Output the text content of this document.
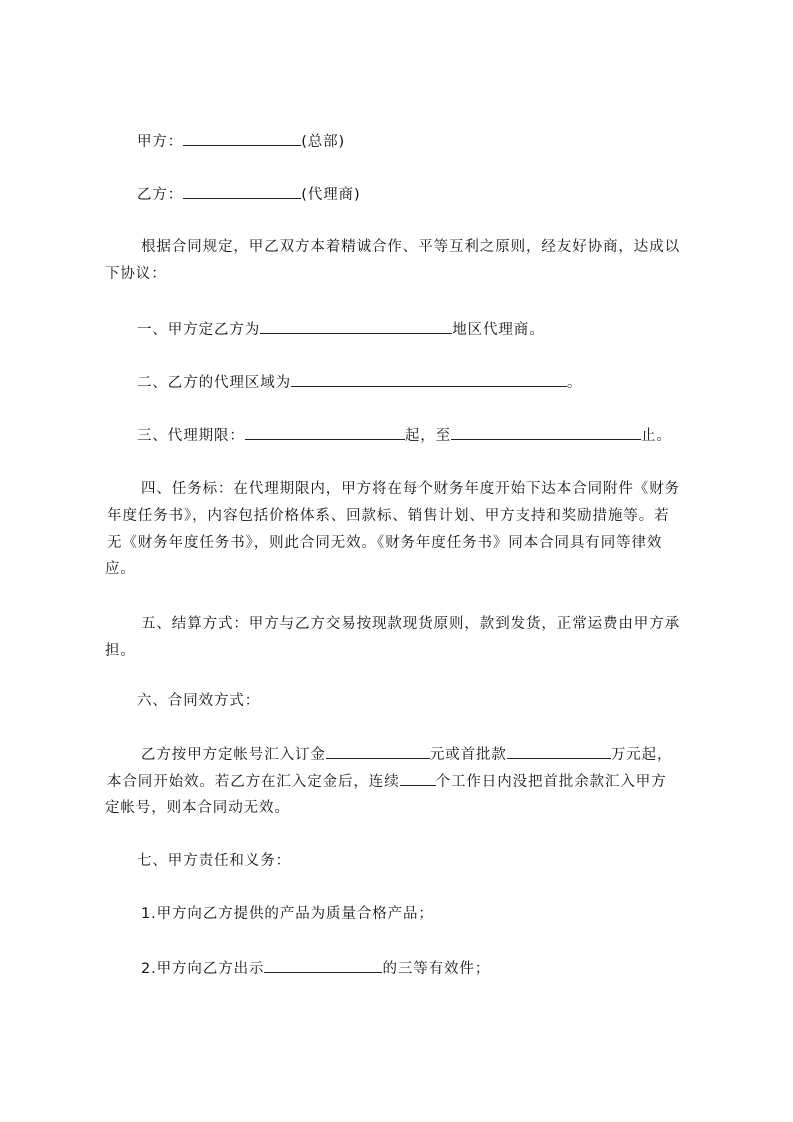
甲方：	(总部)
乙方：	(代理商)
根据合同规定，甲乙双方本着精诚合作、平等互利之原则，经友好协商，达成以
下协议：
一、甲方定乙方为	地区代理商。
二、乙方的代理区域为	。
三、代理期限：	起，至	止。
四、任务标：在代理期限内，甲方将在每个财务年度开始下达本合同附件《财务
年度任务书》，内容包括价格体系、回款标、销售计划、甲方支持和奖励措施等。若
无《财务年度任务书》，则此合同无效。《财务年度任务书》同本合同具有同等律效
应。
五、结算方式：甲方与乙方交易按现款现货原则，款到发货，正常运费由甲方承
担。
六、合同效方式：
乙方按甲方定帐号汇入订金	元或首批款	万元起，
本合同开始效。若乙方在汇入定金后，连续 个工作日内没把首批余款汇入甲方
定帐号，则本合同动无效。
七、甲方责任和义务：
1.甲方向乙方提供的产品为质量合格产品；
2.甲方向乙方出示	的三等有效件；
